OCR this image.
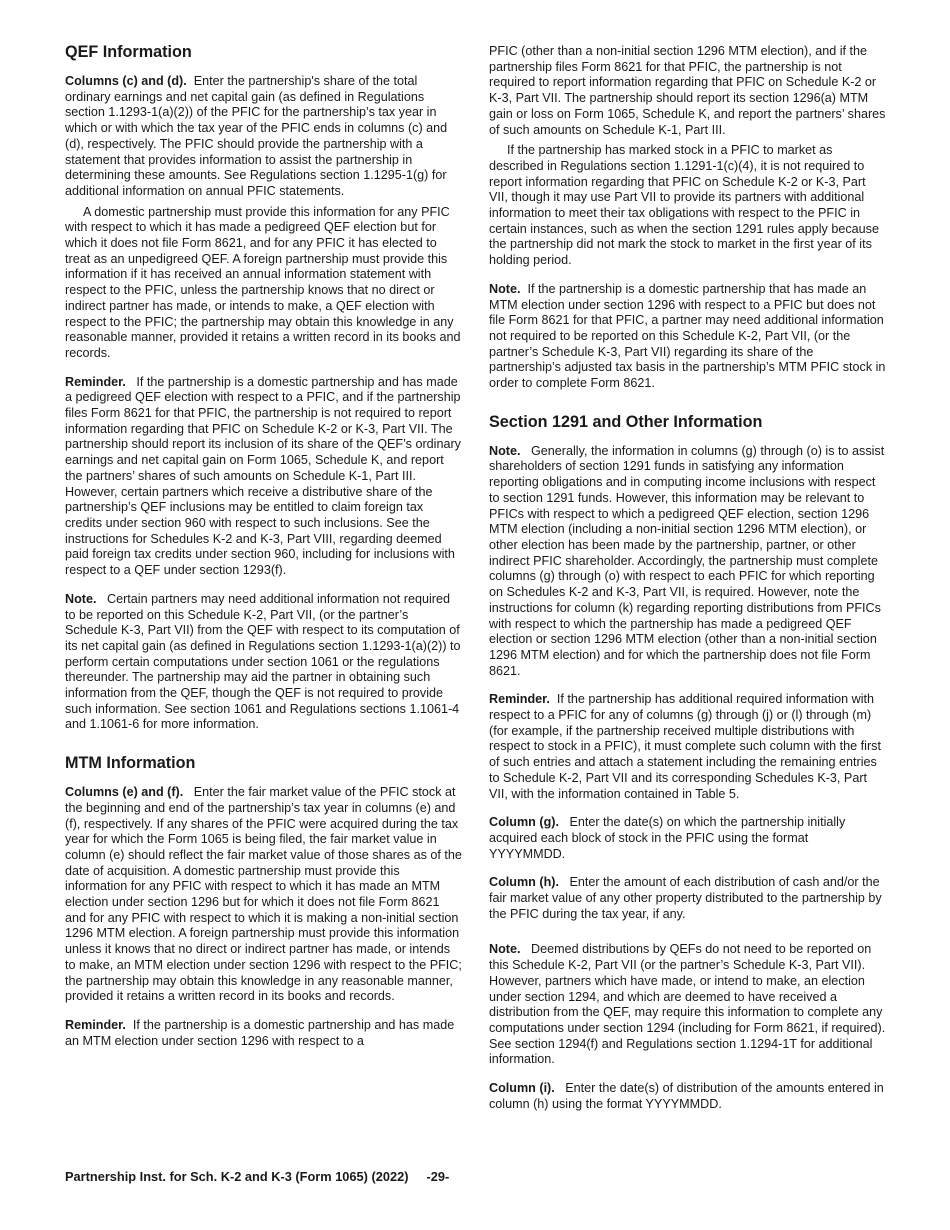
QEF Information

Columns (c) and (d). Enter the partnership's share of the total ordinary earnings and net capital gain (as defined in Regulations section 1.1293-1(a)(2)) of the PFIC for the partnership’s tax year in which or with which the tax year of the PFIC ends in columns (c) and (d), respectively. The PFIC should provide the partnership with a statement that provides information to assist the partnership in determining these amounts. See Regulations section 1.1295-1(g) for additional information on annual PFIC statements.

A domestic partnership must provide this information for any PFIC with respect to which it has made a pedigreed QEF election but for which it does not file Form 8621, and for any PFIC it has elected to treat as an unpedigreed QEF. A foreign partnership must provide this information if it has received an annual information statement with respect to the PFIC, unless the partnership knows that no direct or indirect partner has made, or intends to make, a QEF election with respect to the PFIC; the partnership may obtain this knowledge in any reasonable manner, provided it retains a written record in its books and records.

Reminder. If the partnership is a domestic partnership and has made a pedigreed QEF election with respect to a PFIC, and if the partnership files Form 8621 for that PFIC, the partnership is not required to report information regarding that PFIC on Schedule K-2 or K-3, Part VII. The partnership should report its inclusion of its share of the QEF’s ordinary earnings and net capital gain on Form 1065, Schedule K, and report the partners’ shares of such amounts on Schedule K-1, Part III. However, certain partners which receive a distributive share of the partnership’s QEF inclusions may be entitled to claim foreign tax credits under section 960 with respect to such inclusions. See the instructions for Schedules K-2 and K-3, Part VIII, regarding deemed paid foreign tax credits under section 960, including for inclusions with respect to a QEF under section 1293(f).

Note. Certain partners may need additional information not required to be reported on this Schedule K-2, Part VII, (or the partner’s Schedule K-3, Part VII) from the QEF with respect to its computation of its net capital gain (as defined in Regulations section 1.1293-1(a)(2)) to perform certain computations under section 1061 or the regulations thereunder. The partnership may aid the partner in obtaining such information from the QEF, though the QEF is not required to provide such information. See section 1061 and Regulations sections 1.1061-4 and 1.1061-6 for more information.

MTM Information

Columns (e) and (f). Enter the fair market value of the PFIC stock at the beginning and end of the partnership’s tax year in columns (e) and (f), respectively. If any shares of the PFIC were acquired during the tax year for which the Form 1065 is being filed, the fair market value in column (e) should reflect the fair market value of those shares as of the date of acquisition. A domestic partnership must provide this information for any PFIC with respect to which it has made an MTM election under section 1296 but for which it does not file Form 8621 and for any PFIC with respect to which it is making a non-initial section 1296 MTM election. A foreign partnership must provide this information unless it knows that no direct or indirect partner has made, or intends to make, an MTM election under section 1296 with respect to the PFIC; the partnership may obtain this knowledge in any reasonable manner, provided it retains a written record in its books and records.

Reminder. If the partnership is a domestic partnership and has made an MTM election under section 1296 with respect to a

PFIC (other than a non-initial section 1296 MTM election), and if the partnership files Form 8621 for that PFIC, the partnership is not required to report information regarding that PFIC on Schedule K-2 or K-3, Part VII. The partnership should report its section 1296(a) MTM gain or loss on Form 1065, Schedule K, and report the partners’ shares of such amounts on Schedule K-1, Part III.

If the partnership has marked stock in a PFIC to market as described in Regulations section 1.1291-1(c)(4), it is not required to report information regarding that PFIC on Schedule K-2 or K-3, Part VII, though it may use Part VII to provide its partners with additional information to meet their tax obligations with respect to the PFIC in certain instances, such as when the section 1291 rules apply because the partnership did not mark the stock to market in the first year of its holding period.

Note. If the partnership is a domestic partnership that has made an MTM election under section 1296 with respect to a PFIC but does not file Form 8621 for that PFIC, a partner may need additional information not required to be reported on this Schedule K-2, Part VII, (or the partner’s Schedule K-3, Part VII) regarding its share of the partnership’s adjusted tax basis in the partnership’s MTM PFIC stock in order to complete Form 8621.

Section 1291 and Other Information

Note. Generally, the information in columns (g) through (o) is to assist shareholders of section 1291 funds in satisfying any information reporting obligations and in computing income inclusions with respect to section 1291 funds. However, this information may be relevant to PFICs with respect to which a pedigreed QEF election, section 1296 MTM election (including a non-initial section 1296 MTM election), or other election has been made by the partnership, partner, or other indirect PFIC shareholder. Accordingly, the partnership must complete columns (g) through (o) with respect to each PFIC for which reporting on Schedules K-2 and K-3, Part VII, is required. However, note the instructions for column (k) regarding reporting distributions from PFICs with respect to which the partnership has made a pedigreed QEF election or section 1296 MTM election (other than a non-initial section 1296 MTM election) and for which the partnership does not file Form 8621.

Reminder. If the partnership has additional required information with respect to a PFIC for any of columns (g) through (j) or (l) through (m) (for example, if the partnership received multiple distributions with respect to stock in a PFIC), it must complete such column with the first of such entries and attach a statement including the remaining entries to Schedule K-2, Part VII and its corresponding Schedules K-3, Part VII, with the information contained in Table 5.

Column (g). Enter the date(s) on which the partnership initially acquired each block of stock in the PFIC using the format YYYYMMDD.

Column (h). Enter the amount of each distribution of cash and/or the fair market value of any other property distributed to the partnership by the PFIC during the tax year, if any.

Note. Deemed distributions by QEFs do not need to be reported on this Schedule K-2, Part VII (or the partner’s Schedule K-3, Part VII). However, partners which have made, or intend to make, an election under section 1294, and which are deemed to have received a distribution from the QEF, may require this information to complete any computations under section 1294 (including for Form 8621, if required). See section 1294(f) and Regulations section 1.1294-1T for additional information.

Column (i). Enter the date(s) of distribution of the amounts entered in column (h) using the format YYYYMMDD.

Partnership Inst. for Sch. K-2 and K-3 (Form 1065) (2022) -29-
